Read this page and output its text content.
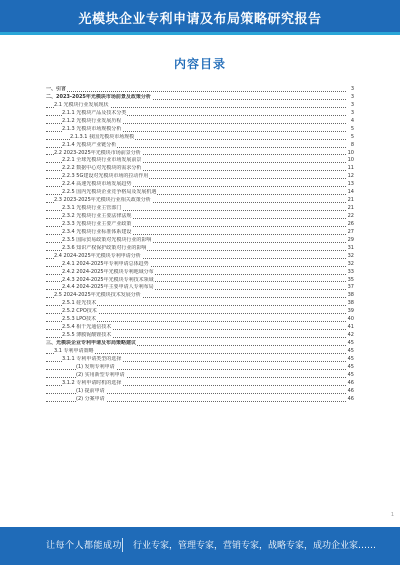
光模块企业专利申请及布局策略研究报告
内容目录
一、引言	3
二、2023-2025年光模块市场前景及政策分析	3
2.1 光模块行业发展现状	3
2.1.1 光模块产品及技术分类	3
2.1.2 光模块行业发展历程	4
2.1.3 光模块市场规模分析	5
2.1.3.1 我国光模块市场规模	5
2.1.4 光模块产业链分析	8
2.2 2023-2025年光模块市场前景分析	10
2.2.1 全球光模块行业市场发展前景	10
2.2.2 数据中心对光模块的需求分析	11
2.2.3 5G建设对光模块市场的拉动作用	12
2.2.4 高速光模块市场发展趋势	13
2.2.5 国内光模块企业竞争格局及发展机遇	14
2.3 2023-2025年光模块行业相关政策分析	21
2.3.1 光模块行业主管部门	21
2.3.2 光模块行业主要法律法规	22
2.3.3 光模块行业主要产业政策	26
2.3.4 光模块行业标准体系建设	27
2.3.5 国际贸易政策对光模块行业的影响	29
2.3.6 知识产权保护政策对行业的影响	31
2.4 2024-2025年光模块专利申请分析	32
2.4.1 2024-2025年专利申请总体趋势	32
2.4.2 2024-2025年光模块专利地域分布	33
2.4.3 2024-2025年光模块专利技术领域	35
2.4.4 2024-2025年主要申请人专利布局	37
2.5 2024-2025年光模块技术发展分析	38
2.5.1 硅光技术	38
2.5.2 CPO技术	39
2.5.3 LPO技术	40
2.5.4 相干光通信技术	41
2.5.5 薄膜铌酸锂技术	42
三、光模块企业专利申请及布局策略建议	45
3.1 专利申请策略	45
3.1.1 专利申请类型的选择	45
(1) 发明专利申请	45
(2) 实用新型专利申请	45
3.1.2 专利申请时机的选择	46
(1) 提前申请	46
(2) 分案申请	46
1
让每个人都能成功 行业专家，管理专家，营销专家，战略专家，成功企业家……
